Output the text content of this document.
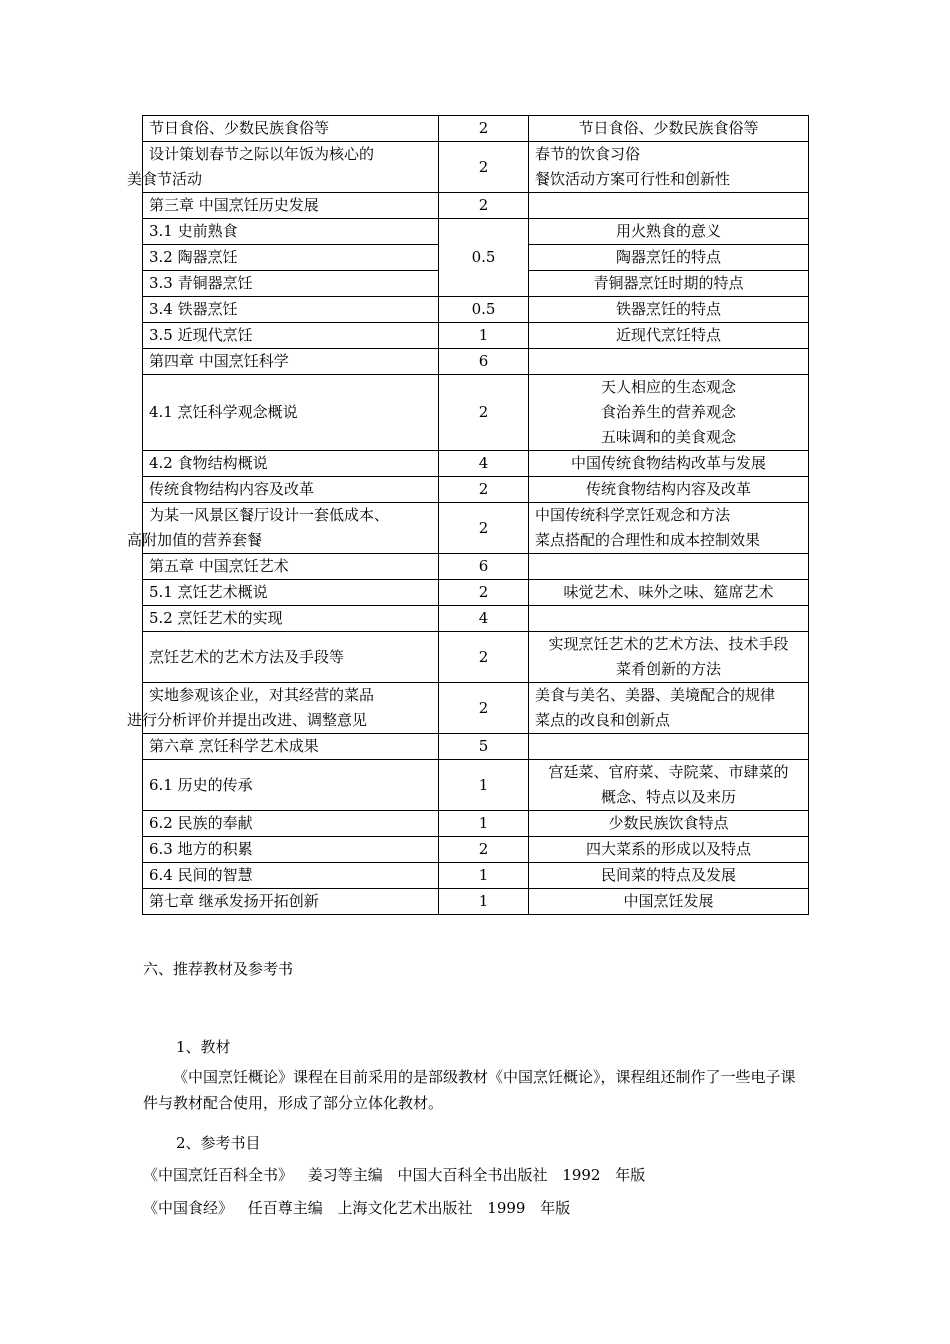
节日食俗、少数民族食俗等	2	节日食俗、少数民族食俗等

设计策划春节之际以年饭为核心的
美食节活动	2	春节的饮食习俗
餐饮活动方案可行性和创新性

第三章 中国烹饪历史发展	2	
3.1 史前熟食	0.5	用火熟食的意义
3.2 陶器烹饪		陶器烹饪的特点
3.3 青铜器烹饪		青铜器烹饪时期的特点
3.4 铁器烹饪	0.5	铁器烹饪的特点
3.5 近现代烹饪	1	近现代烹饪特点
第四章 中国烹饪科学	6	
4.1 烹饪科学观念概说	2	天人相应的生态观念
食治养生的营养观念
五味调和的美食观念

4.2 食物结构概说	4	中国传统食物结构改革与发展
传统食物结构内容及改革	2	传统食物结构内容及改革

为某一风景区餐厅设计一套低成本、
高附加值的营养套餐	2	中国传统科学烹饪观念和方法
菜点搭配的合理性和成本控制效果

第五章 中国烹饪艺术	6	
5.1 烹饪艺术概说	2	味觉艺术、味外之味、筵席艺术
5.2 烹饪艺术的实现	4	
烹饪艺术的艺术方法及手段等	2	实现烹饪艺术的艺术方法、技术手段
菜肴创新的方法

实地参观该企业，对其经营的菜品
进行分析评价并提出改进、调整意见	2	美食与美名、美器、美境配合的规律
菜点的改良和创新点

第六章 烹饪科学艺术成果	5	
6.1 历史的传承	1	宫廷菜、官府菜、寺院菜、市肆菜的
概念、特点以及来历

6.2 民族的奉献	1	少数民族饮食特点
6.3 地方的积累	2	四大菜系的形成以及特点
6.4 民间的智慧	1	民间菜的特点及发展
第七章 继承发扬开拓创新	1	中国烹饪发展
六、推荐教材及参考书
1、教材
《中国烹饪概论》课程在目前采用的是部级教材《中国烹饪概论》，课程组还制作了一些电子课件与教材配合使用，形成了部分立体化教材。
2、参考书目
《中国烹饪百科全书》 姜习等主编 中国大百科全书出版社 1992 年版
《中国食经》 任百尊主编 上海文化艺术出版社 1999 年版
